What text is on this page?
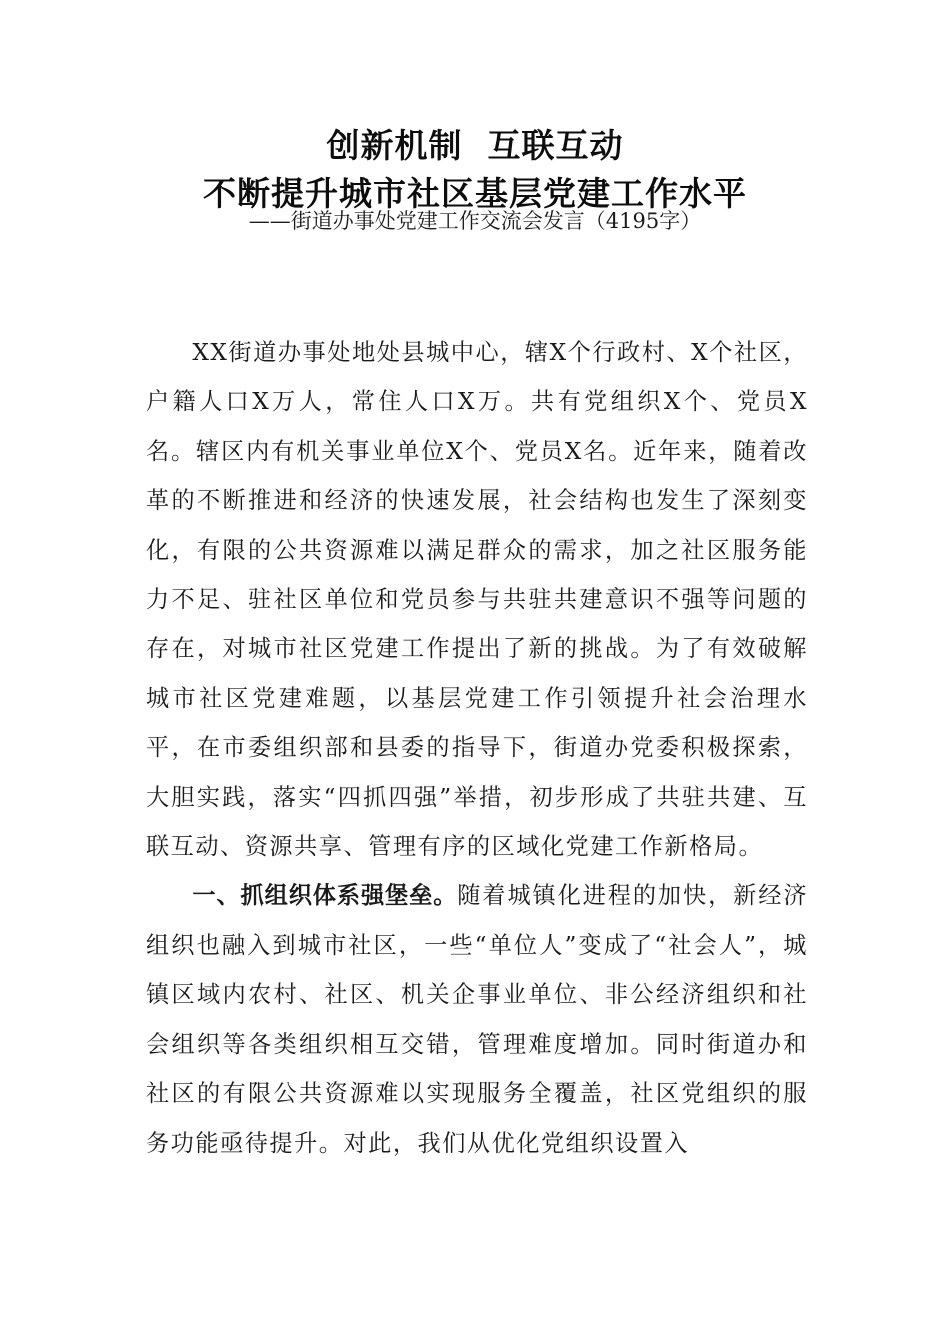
创新机制  互联互动
不断提升城市社区基层党建工作水平
——街道办事处党建工作交流会发言（4195字）

XX街道办事处地处县城中心，辖X个行政村、X个社区，户籍人口X万人，常住人口X万。共有党组织X个、党员X名。辖区内有机关事业单位X个、党员X名。近年来，随着改革的不断推进和经济的快速发展，社会结构也发生了深刻变化，有限的公共资源难以满足群众的需求，加之社区服务能力不足、驻社区单位和党员参与共驻共建意识不强等问题的存在，对城市社区党建工作提出了新的挑战。为了有效破解城市社区党建难题，以基层党建工作引领提升社会治理水平，在市委组织部和县委的指导下，街道办党委积极探索，大胆实践，落实“四抓四强”举措，初步形成了共驻共建、互联互动、资源共享、管理有序的区域化党建工作新格局。

一、抓组织体系强堡垒。随着城镇化进程的加快，新经济组织也融入到城市社区，一些“单位人”变成了“社会人”，城镇区域内农村、社区、机关企事业单位、非公经济组织和社会组织等各类组织相互交错，管理难度增加。同时街道办和社区的有限公共资源难以实现服务全覆盖，社区党组织的服务功能亟待提升。对此，我们从优化党组织设置入
